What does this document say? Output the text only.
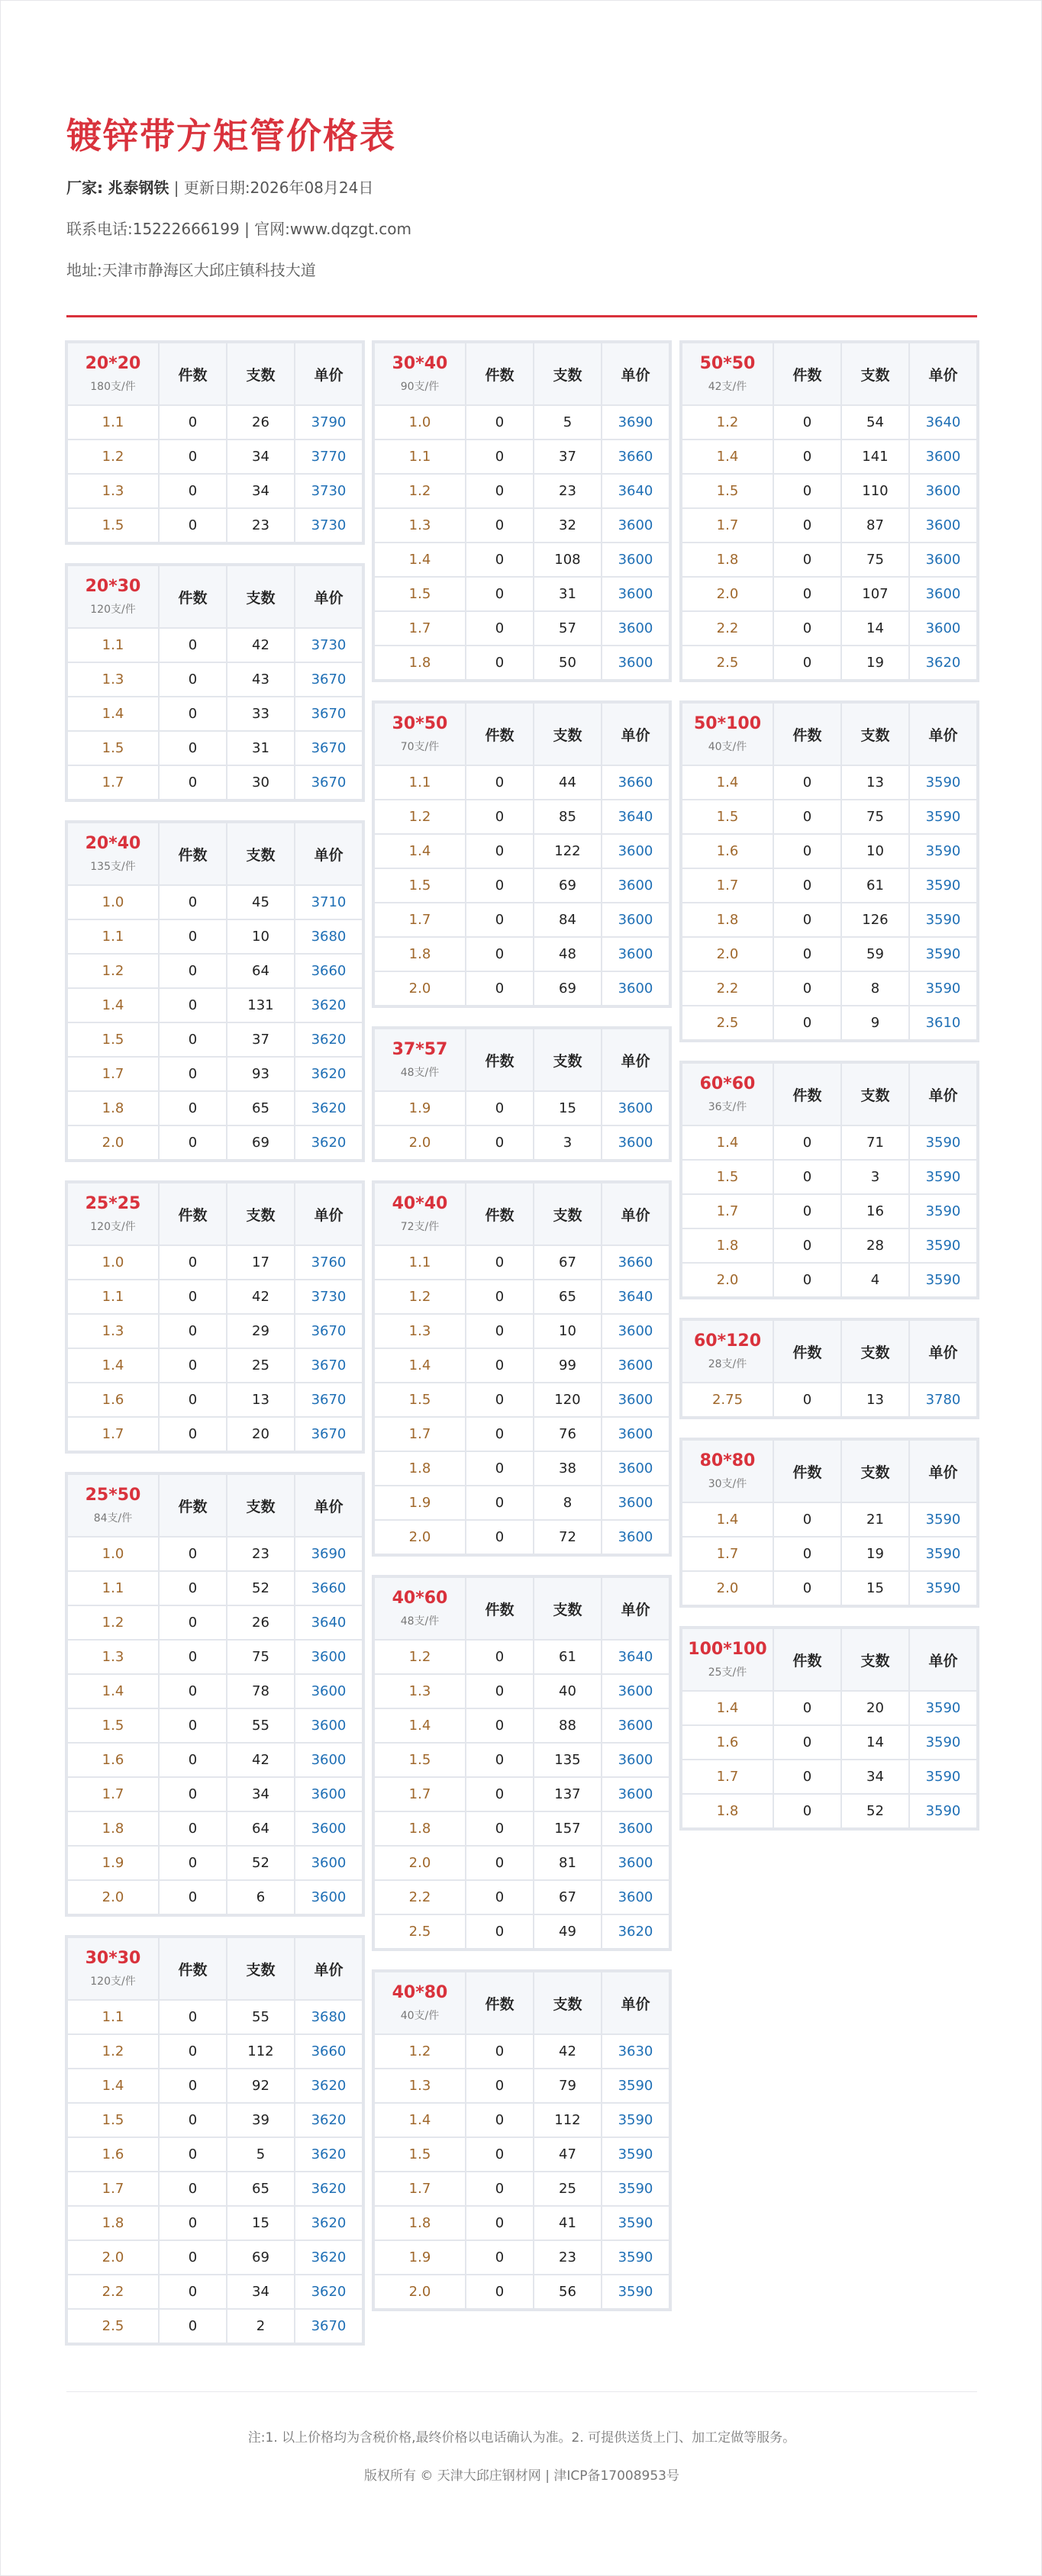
镀锌带方矩管价格表
厂家: 兆泰钢铁 | 更新日期:2026年08月24日
联系电话:15222666199 | 官网:www.dqzgt.com
地址:天津市静海区大邱庄镇科技大道
20*20
180支/件	件数	支数	单价
1.1	0	26	3790
1.2	0	34	3770
1.3	0	34	3730
1.5	0	23	3730
20*30
120支/件	件数	支数	单价
1.1	0	42	3730
1.3	0	43	3670
1.4	0	33	3670
1.5	0	31	3670
1.7	0	30	3670
20*40
135支/件	件数	支数	单价
1.0	0	45	3710
1.1	0	10	3680
1.2	0	64	3660
1.4	0	131	3620
1.5	0	37	3620
1.7	0	93	3620
1.8	0	65	3620
2.0	0	69	3620
25*25
120支/件	件数	支数	单价
1.0	0	17	3760
1.1	0	42	3730
1.3	0	29	3670
1.4	0	25	3670
1.6	0	13	3670
1.7	0	20	3670
25*50
84支/件	件数	支数	单价
1.0	0	23	3690
1.1	0	52	3660
1.2	0	26	3640
1.3	0	75	3600
1.4	0	78	3600
1.5	0	55	3600
1.6	0	42	3600
1.7	0	34	3600
1.8	0	64	3600
1.9	0	52	3600
2.0	0	6	3600
30*30
120支/件	件数	支数	单价
1.1	0	55	3680
1.2	0	112	3660
1.4	0	92	3620
1.5	0	39	3620
1.6	0	5	3620
1.7	0	65	3620
1.8	0	15	3620
2.0	0	69	3620
2.2	0	34	3620
2.5	0	2	3670
30*40
90支/件	件数	支数	单价
1.0	0	5	3690
1.1	0	37	3660
1.2	0	23	3640
1.3	0	32	3600
1.4	0	108	3600
1.5	0	31	3600
1.7	0	57	3600
1.8	0	50	3600
30*50
70支/件	件数	支数	单价
1.1	0	44	3660
1.2	0	85	3640
1.4	0	122	3600
1.5	0	69	3600
1.7	0	84	3600
1.8	0	48	3600
2.0	0	69	3600
37*57
48支/件	件数	支数	单价
1.9	0	15	3600
2.0	0	3	3600
40*40
72支/件	件数	支数	单价
1.1	0	67	3660
1.2	0	65	3640
1.3	0	10	3600
1.4	0	99	3600
1.5	0	120	3600
1.7	0	76	3600
1.8	0	38	3600
1.9	0	8	3600
2.0	0	72	3600
40*60
48支/件	件数	支数	单价
1.2	0	61	3640
1.3	0	40	3600
1.4	0	88	3600
1.5	0	135	3600
1.7	0	137	3600
1.8	0	157	3600
2.0	0	81	3600
2.2	0	67	3600
2.5	0	49	3620
40*80
40支/件	件数	支数	单价
1.2	0	42	3630
1.3	0	79	3590
1.4	0	112	3590
1.5	0	47	3590
1.7	0	25	3590
1.8	0	41	3590
1.9	0	23	3590
2.0	0	56	3590
50*50
42支/件	件数	支数	单价
1.2	0	54	3640
1.4	0	141	3600
1.5	0	110	3600
1.7	0	87	3600
1.8	0	75	3600
2.0	0	107	3600
2.2	0	14	3600
2.5	0	19	3620
50*100
40支/件	件数	支数	单价
1.4	0	13	3590
1.5	0	75	3590
1.6	0	10	3590
1.7	0	61	3590
1.8	0	126	3590
2.0	0	59	3590
2.2	0	8	3590
2.5	0	9	3610
60*60
36支/件	件数	支数	单价
1.4	0	71	3590
1.5	0	3	3590
1.7	0	16	3590
1.8	0	28	3590
2.0	0	4	3590
60*120
28支/件	件数	支数	单价
2.75	0	13	3780
80*80
30支/件	件数	支数	单价
1.4	0	21	3590
1.7	0	19	3590
2.0	0	15	3590
100*100
25支/件	件数	支数	单价
1.4	0	20	3590
1.6	0	14	3590
1.7	0	34	3590
1.8	0	52	3590

注:1. 以上价格均为含税价格,最终价格以电话确认为准。2. 可提供送货上门、加工定做等服务。

版权所有 © 天津大邱庄钢材网 | 津ICP备17008953号
